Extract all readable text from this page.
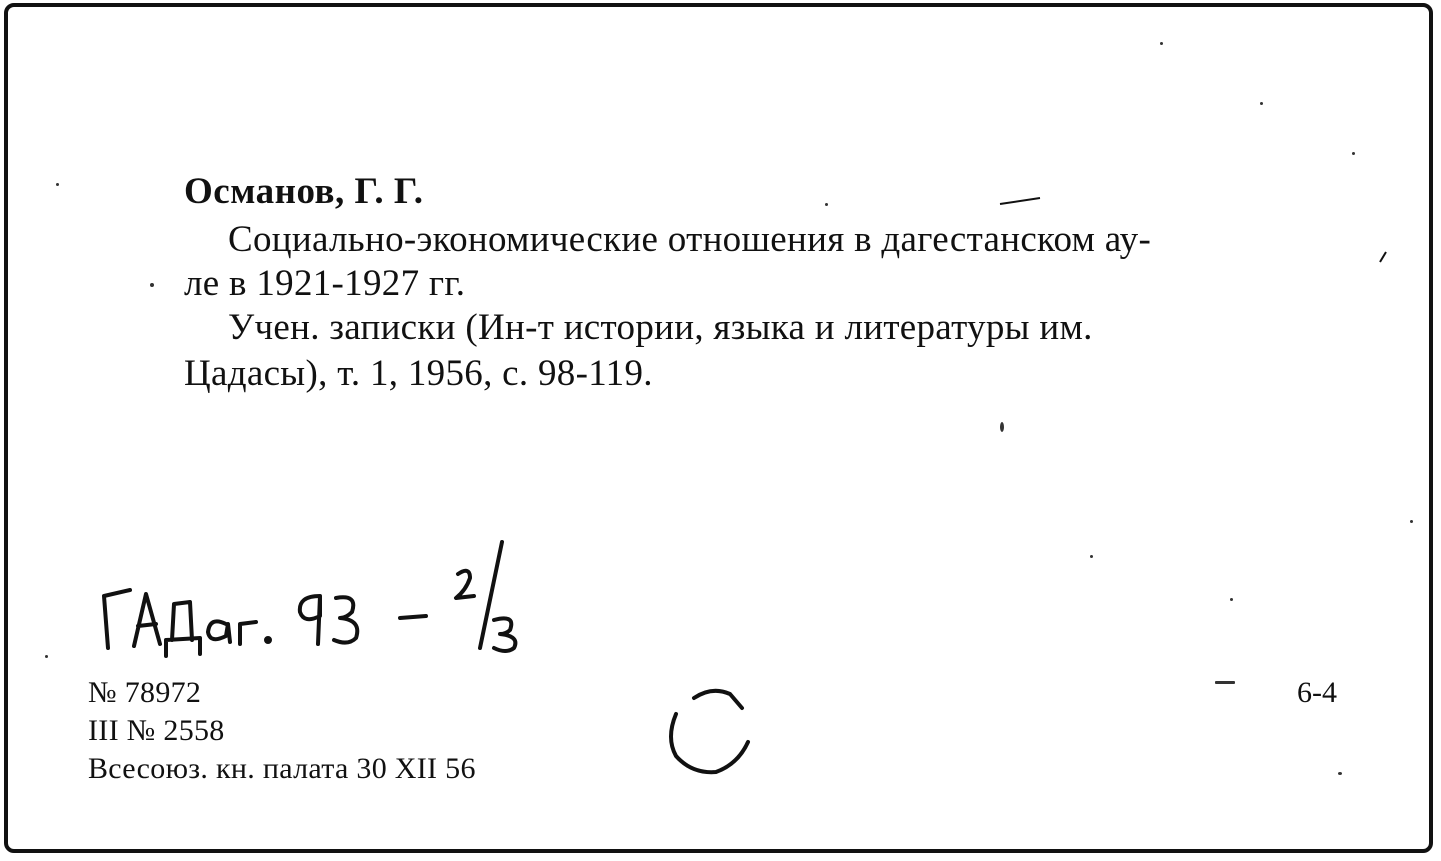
Османов, Г. Г.
Социально-экономические отношения в дагестанском ау-
ле в 1921-1927 гг.
Учен. записки (Ин-т истории, языка и литературы им.
Цадасы), т. 1, 1956, с. 98-119.
№ 78972
III № 2558
Всесоюз. кн. палата 30 XII 56
6-4
